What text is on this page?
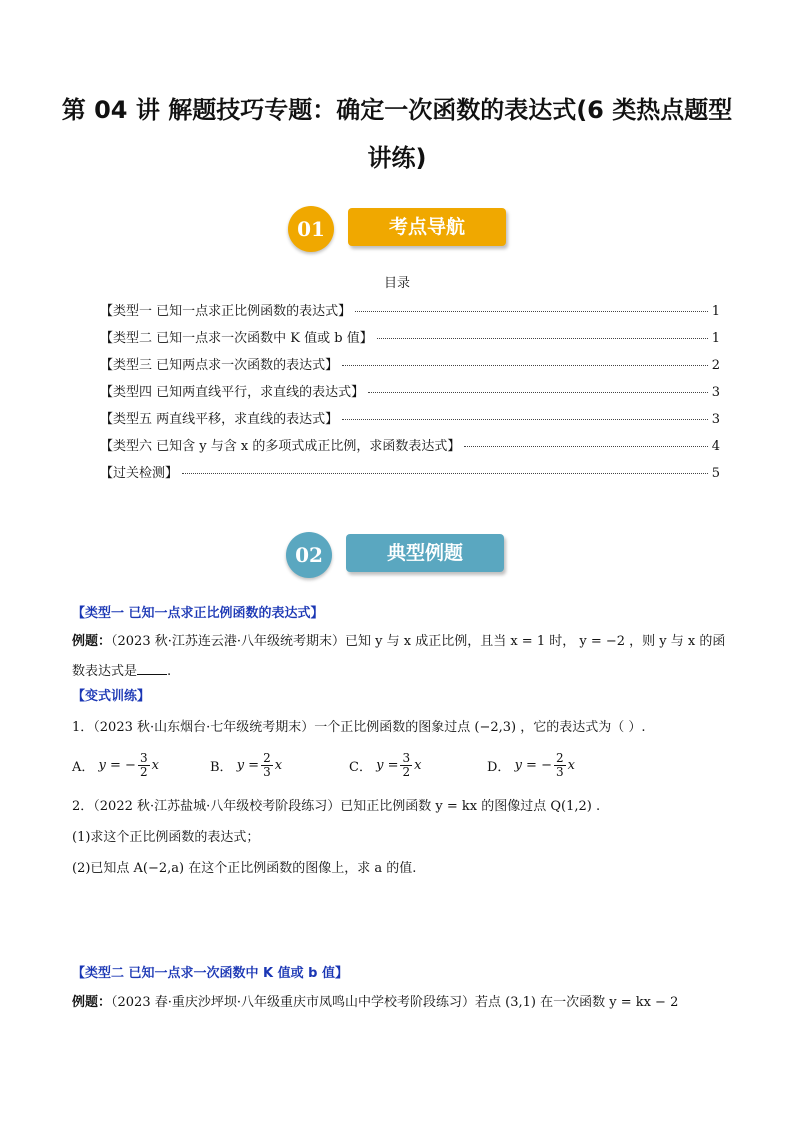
第 04 讲 解题技巧专题：确定一次函数的表达式(6 类热点题型
讲练)
01	考点导航
目录
【类型一 已知一点求正比例函数的表达式】	1
【类型二 已知一点求一次函数中 K 值或 b 值】	1
【类型三 已知两点求一次函数的表达式】	2
【类型四 已知两直线平行，求直线的表达式】	3
【类型五 两直线平移，求直线的表达式】	3
【类型六 已知含 y 与含 x 的多项式成正比例，求函数表达式】	4
【过关检测】	5
02	典型例题
【类型一 已知一点求正比例函数的表达式】
例题：（2023 秋·江苏连云港·八年级统考期末）已知 y 与 x 成正比例，且当 x = 1 时， y = −2 ，则 y 与 x 的函
数表达式是 .
【变式训练】
1．（2023 秋·山东烟台·七年级统考期末）一个正比例函数的图象过点 (−2,3) ，它的表达式为（ ）.
A．
y = − $\frac{3}{2}$ x	B．
$y = \frac{2}{3}$ x	C．
$y = \frac{3}{2}$ x	D．
y = − $\frac{2}{3}$ x
2．（2022 秋·江苏盐城·八年级校考阶段练习）已知正比例函数 y = kx 的图像过点 Q(1,2) .
(1)求这个正比例函数的表达式；
(2)已知点 A(−2,a) 在这个正比例函数的图像上，求 a 的值.
【类型二 已知一点求一次函数中 K 值或 b 值】
例题：（2023 春·重庆沙坪坝·八年级重庆市凤鸣山中学校考阶段练习）若点 (3,1) 在一次函数 y = kx − 2
